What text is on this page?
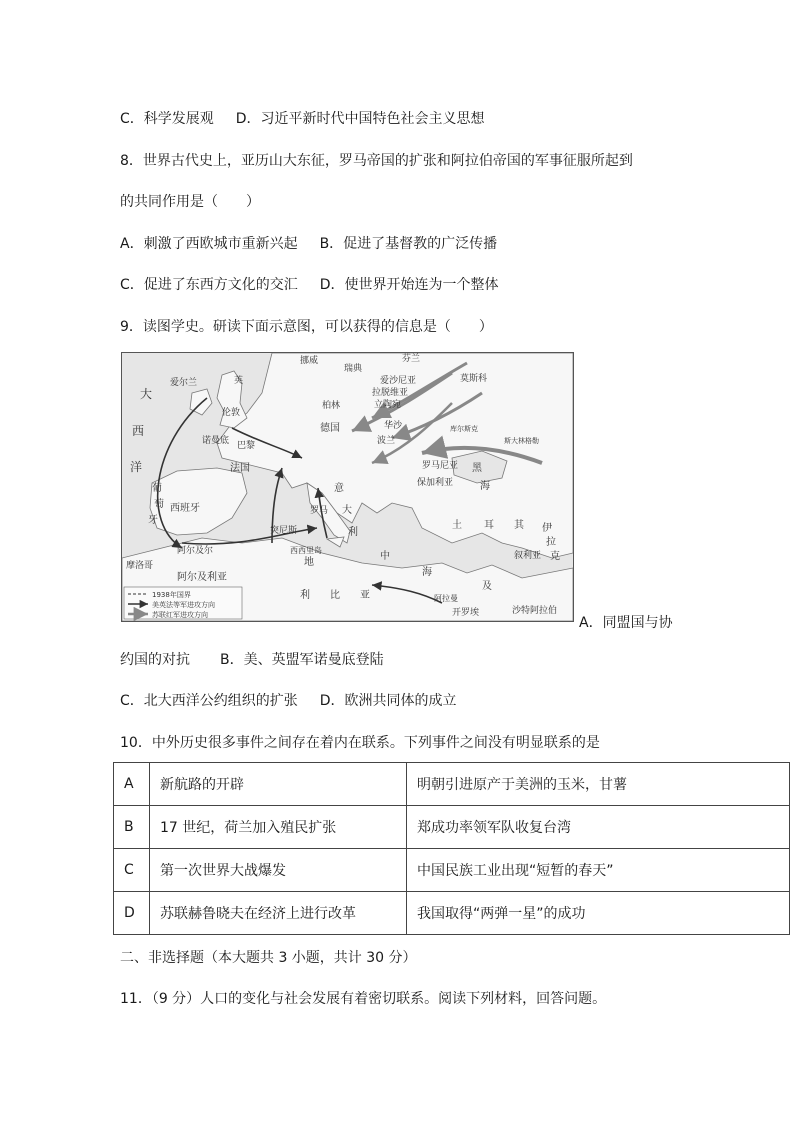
C．科学发展观 D．习近平新时代中国特色社会主义思想
8．世界古代史上，亚历山大东征，罗马帝国的扩张和阿拉伯帝国的军事征服所起到
的共同作用是（　　）
A．刺激了西欧城市重新兴起 B．促进了基督教的广泛传播
C．促进了东西方文化的交汇 D．使世界开始连为一个整体
9．读图学史。研读下面示意图，可以获得的信息是（　　）
挪威
瑞典
芬兰
爱沙尼亚
拉脱维亚
立陶宛
莫斯科
大
西
洋
爱尔兰	英
伦敦
诺曼底 巴黎
法国
柏林
德国	华沙
波兰
库尔斯克
斯大林格勒
罗马尼亚
保加利亚
黑
海
土 耳 其
葡
萄
牙
西班牙	罗马
意
大
利
阿尔及尔
突尼斯
摩洛哥
阿尔及利亚
西西里岛
地
中
海
利 比 亚	阿拉曼
开罗 埃
及
叙利亚
伊
拉
克
沙特阿拉伯
1938年国界
美英法等军进攻方向
苏联红军进攻方向	A．同盟国与协
约国的对抗 B．美、英盟军诺曼底登陆
C．北大西洋公约组织的扩张 D．欧洲共同体的成立
10．中外历史很多事件之间存在着内在联系。下列事件之间没有明显联系的是
A	新航路的开辟	明朝引进原产于美洲的玉米，甘薯
B	17 世纪，荷兰加入殖民扩张	郑成功率领军队收复台湾
C	第一次世界大战爆发	中国民族工业出现“短暂的春天”
D	苏联赫鲁晓夫在经济上进行改革	我国取得“两弹一星”的成功
二、非选择题（本大题共 3 小题，共计 30 分）
11．（9 分）人口的变化与社会发展有着密切联系。阅读下列材料，回答问题。
